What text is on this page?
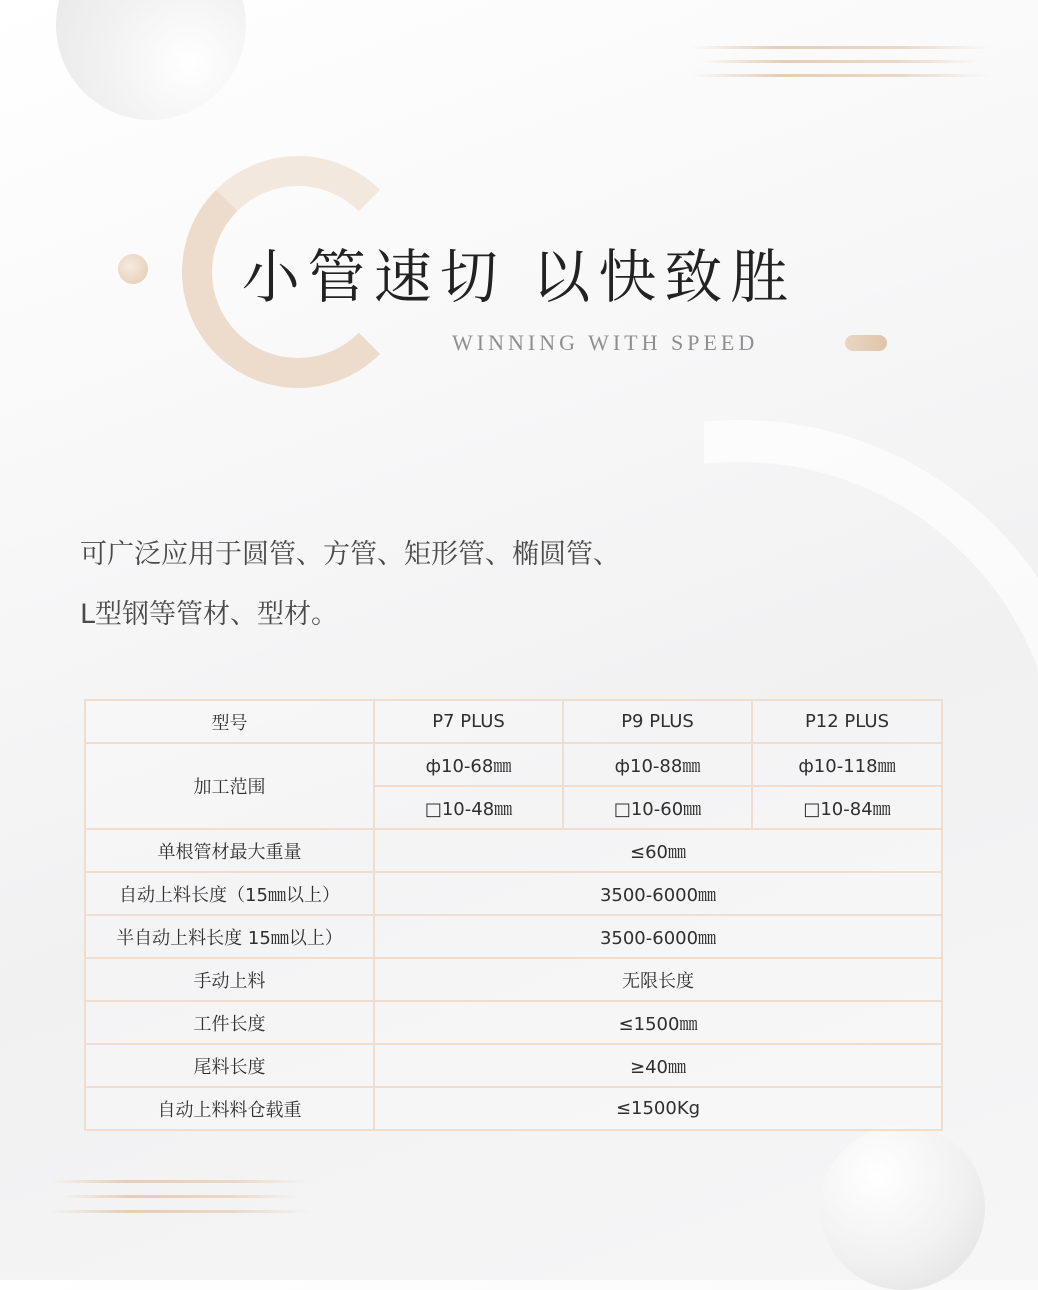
小管速切 以快致胜
WINNING WITH SPEED

可广泛应用于圆管、方管、矩形管、椭圆管、
L型钢等管材、型材。

型号	P7 PLUS	P9 PLUS	P12 PLUS
加工范围	ф10-68㎜	ф10-88㎜	ф10-118㎜
	□10-48㎜	□10-60㎜	□10-84㎜
单根管材最大重量	≤60㎜		
自动上料长度（15㎜以上）	3500-6000㎜		
半自动上料长度 15㎜以上）	3500-6000㎜		
手动上料	无限长度		
工件长度	≤1500㎜		
尾料长度	≥40㎜		
自动上料料仓载重	≤1500Kg		
